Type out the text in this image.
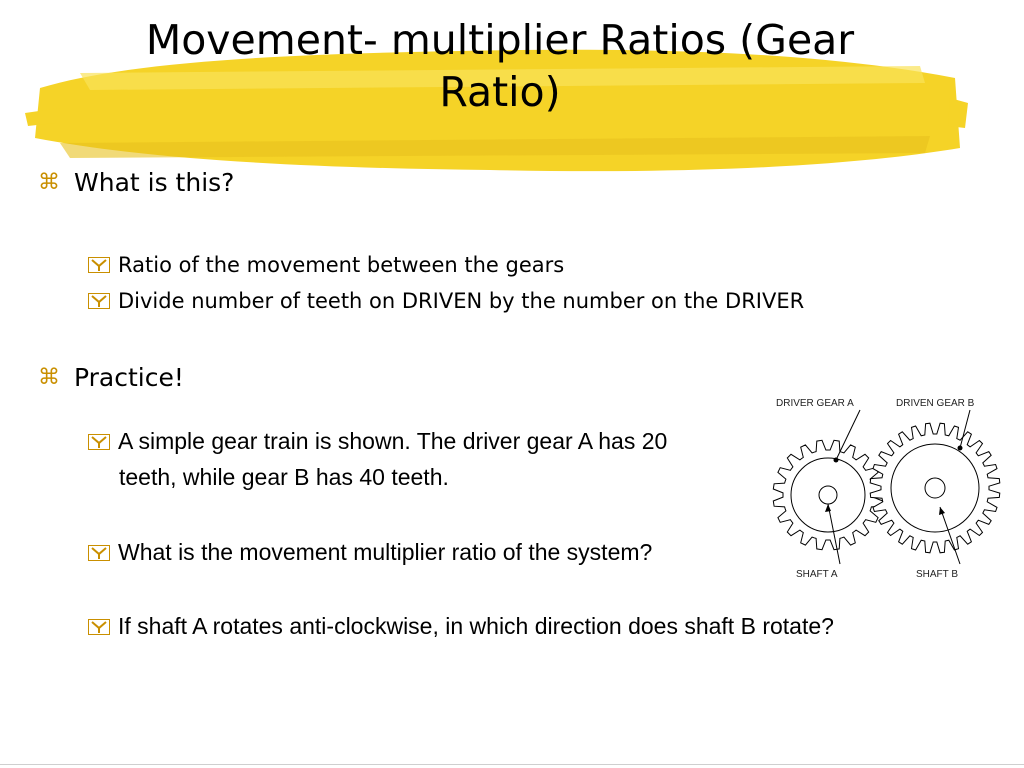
Movement- multiplier Ratios (Gear Ratio)
⌘ What is this?
Ratio of the movement between the gears
Divide number of teeth on DRIVEN by the number on the DRIVER
⌘ Practice!
A simple gear train is shown. The driver gear A has 20
teeth, while gear B has 40 teeth.
What is the movement multiplier ratio of the system?
If shaft A rotates anti-clockwise, in which direction does shaft B rotate?
DRIVER GEAR A	DRIVEN GEAR B
SHAFT A	SHAFT B
